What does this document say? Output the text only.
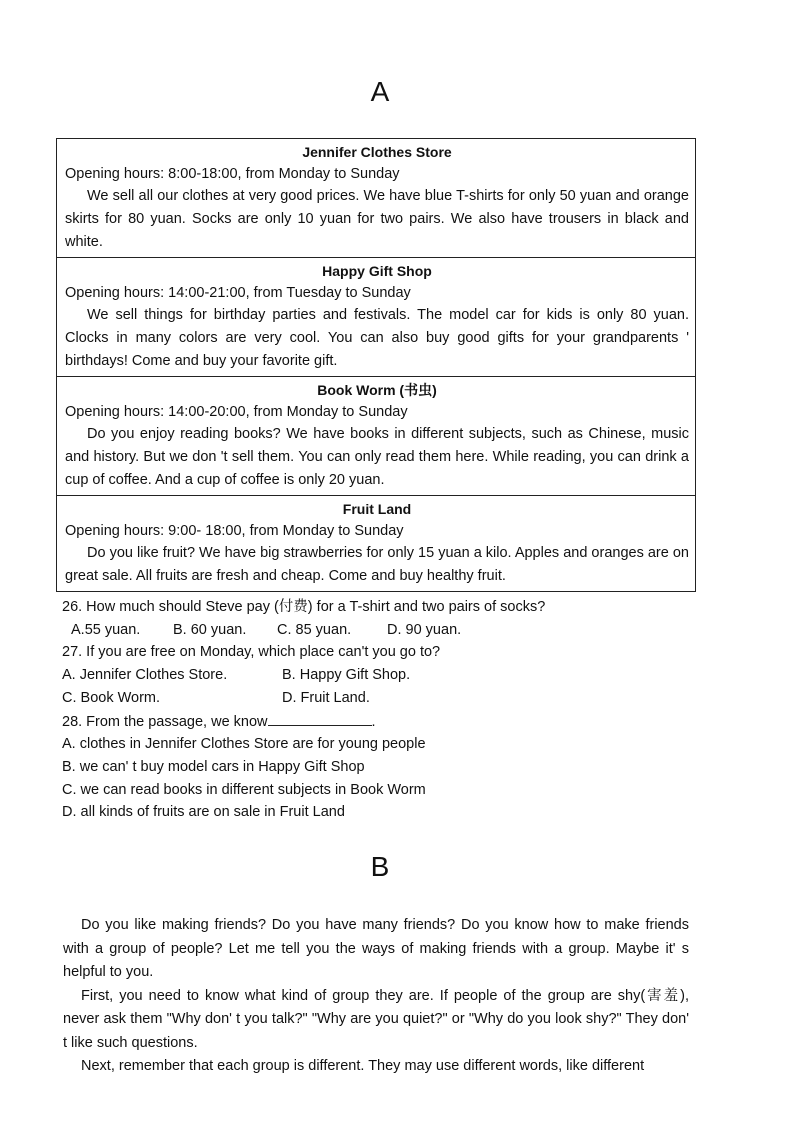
A
Jennifer Clothes Store
Opening hours: 8:00-18:00, from Monday to Sunday
We sell all our clothes at very good prices. We have blue T-shirts for only 50 yuan and orange skirts for 80 yuan. Socks are only 10 yuan for two pairs. We also have trousers in black and white.
Happy Gift Shop
Opening hours: 14:00-21:00, from Tuesday to Sunday
We sell things for birthday parties and festivals. The model car for kids is only 80 yuan. Clocks in many colors are very cool. You can also buy good gifts for your grandparents ' birthdays! Come and buy your favorite gift.
Book Worm (书虫)
Opening hours: 14:00-20:00, from Monday to Sunday
Do you enjoy reading books? We have books in different subjects, such as Chinese, music and history. But we don 't sell them. You can only read them here. While reading, you can drink a cup of coffee. And a cup of coffee is only 20 yuan.
Fruit Land
Opening hours: 9:00- 18:00, from Monday to Sunday
Do you like fruit? We have big strawberries for only 15 yuan a kilo. Apples and oranges are on great sale. All fruits are fresh and cheap. Come and buy healthy fruit.
26. How much should Steve pay (付费) for a T-shirt and two pairs of socks?
A.55 yuan.	B. 60 yuan.	C. 85 yuan.	D. 90 yuan.
27. If you are free on Monday, which place can't you go to?
A. Jennifer Clothes Store.	B. Happy Gift Shop.
C. Book Worm.	D. Fruit Land.
28. From the passage, we know	.
A. clothes in Jennifer Clothes Store are for young people
B. we can' t buy model cars in Happy Gift Shop
C. we can read books in different subjects in Book Worm
D. all kinds of fruits are on sale in Fruit Land
B

Do you like making friends? Do you have many friends? Do you know how to make friends with a group of people? Let me tell you the ways of making friends with a group. Maybe it' s helpful to you.

First, you need to know what kind of group they are. If people of the group are shy(害羞), never ask them "Why don' t you talk?" "Why are you quiet?" or "Why do you look shy?" They don' t like such questions.

Next, remember that each group is different. They may use different words, like different
